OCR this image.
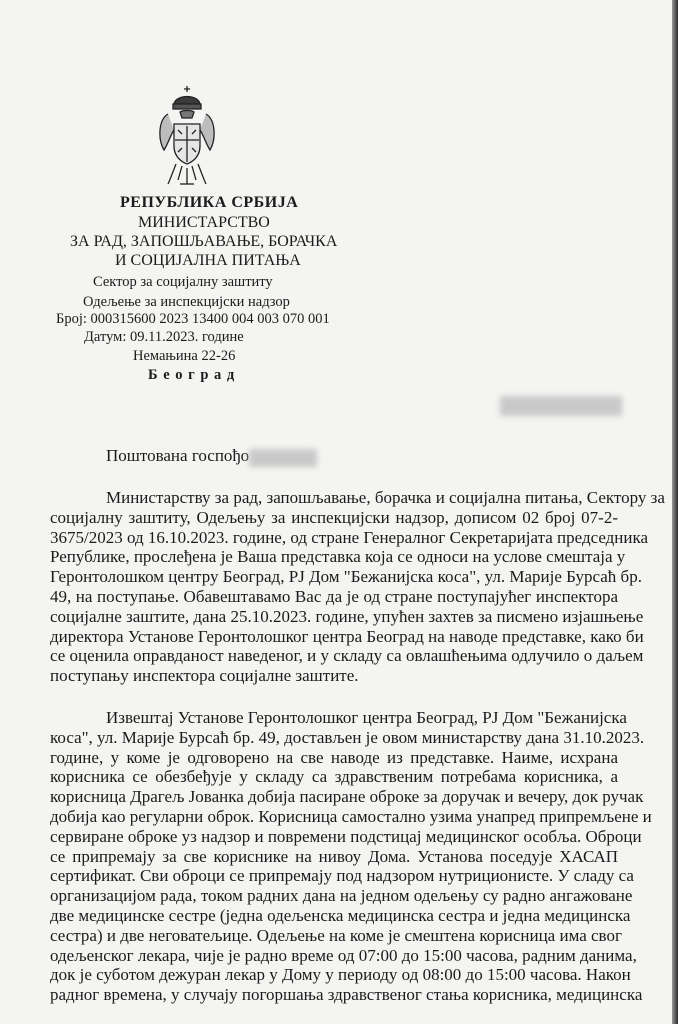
РЕПУБЛИКА СРБИЈА
МИНИСТАРСТВО
ЗА РАД, ЗАПОШЉАВАЊЕ, БОРАЧКА
И СОЦИЈАЛНА ПИТАЊА
Сектор за социјалну заштиту
Одељење за инспекцијски надзор
Број: 000315600 2023 13400 004 003 070 001
Датум: 09.11.2023. године
Немањина 22-26
Б е о г р а д
Поштована госпођо
Министарству за рад, запошљавање, борачка и социјална питања, Сектору за
социјалну заштиту, Одељењу за инспекцијски надзор, дописом 02 број 07-2-
3675/2023 од 16.10.2023. године, од стране Генералног Секретаријата председника
Републике, прослеђена је Ваша представка која се односи на услове смештаја у
Геронтолошком центру Београд, РЈ Дом "Бежанијска коса", ул. Марије Бурсаћ бр.
49, на поступање. Обавештавамо Вас да је од стране поступајућег инспектора
социјалне заштите, дана 25.10.2023. године, упућен захтев за писмено изјашњење
директора Установе Геронтолошког центра Београд на наводе представке, како би
се оценила оправданост наведеног, и у складу са овлашћењима одлучило о даљем
поступању инспектора социјалне заштите.
Извештај Установе Геронтолошког центра Београд, РЈ Дом "Бежанијска
коса", ул. Марије Бурсаћ бр. 49, достављен је овом министарству дана 31.10.2023.
године, у коме је одговорено на све наводе из представке. Наиме, исхрана
корисника се обезбеђује у складу са здравственим потребама корисника, а
корисница Драгељ Јованка добија пасиране оброке за доручак и вечеру, док ручак
добија као регуларни оброк. Корисница самостално узима унапред припремљене и
сервиране оброке уз надзор и повремени подстицај медицинског особља. Оброци
се припремају за све кориснике на нивоу Дома. Установа поседује ХАСАП
сертификат. Сви оброци се припремају под надзором нутриционисте. У сладу са
организацијом рада, током радних дана на једном одељењу су радно ангажоване
две медицинске сестре (једна одељенска медицинска сестра и једна медицинска
сестра) и две неговатељице. Одељење на коме је смештена корисница има свог
одељенског лекара, чије је радно време од 07:00 до 15:00 часова, радним данима,
док је суботом дежуран лекар у Дому у периоду од 08:00 до 15:00 часова. Након
радног времена, у случају погоршања здравственог стања корисника, медицинска
